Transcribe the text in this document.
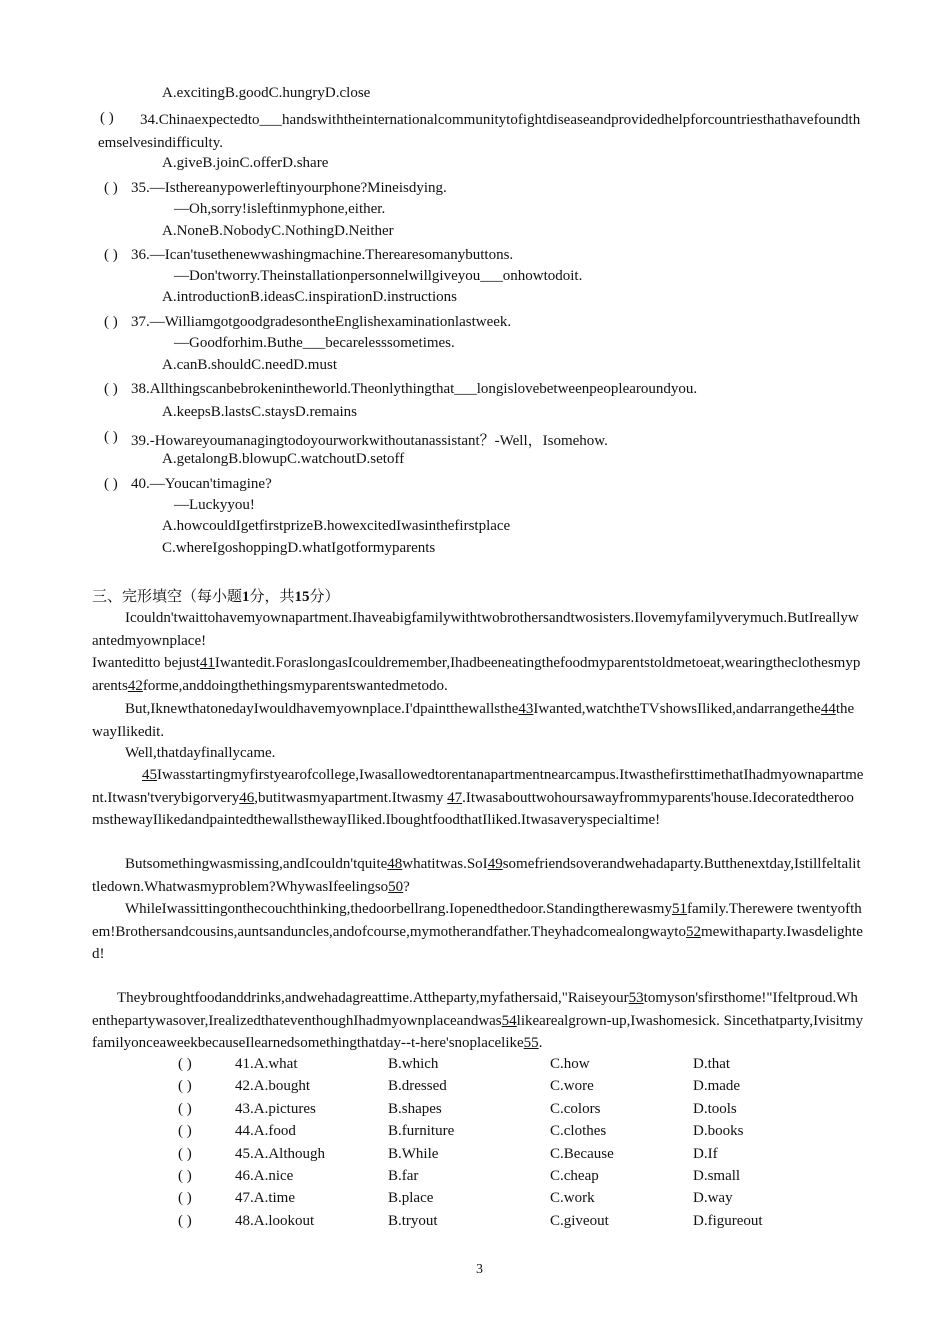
A.excitingB.goodC.hungryD.close
( )	34.Chinaexpectedto___handswiththeinternationalcommunitytofightdiseaseandprovidedhelpforcountriesthathavefoundthemselvesindifficulty.
A.giveB.joinC.offerD.share
( ) 35.—Isthereanypowerleftinyourphone?Mineisdying.
—Oh,sorry!isleftinmyphone,either.
A.NoneB.NobodyC.NothingD.Neither
( ) 36.—Ican'tusethenewwashingmachine.Therearesomanybuttons.
—Don'tworry.Theinstallationpersonnelwillgiveyou___onhowtodoit.
A.introductionB.ideasC.inspirationD.instructions
( ) 37.—WilliamgotgoodgradesontheEnglishexaminationlastweek.
—Goodforhim.Buthe___becarelesssometimes.
A.canB.shouldC.needD.must
( ) 38.Allthingscanbebrokenintheworld.Theonlythingthat___longislovebetweenpeoplearoundyou.
A.keepsB.lastsC.staysD.remains
( ) 39.-Howareyoumanagingtodoyourworkwithoutanassistant？-Well，Isomehow.
A.getalongB.blowupC.watchoutD.setoff
( ) 40.—Youcan'timagine?
—Luckyyou!
A.howcouldIgetfirstprizeB.howexcitedIwasinthefirstplace
C.whereIgoshoppingD.whatIgotformyparents
三、完形填空（每小题1分，共15分）
Icouldn'twaittohavemyownapartment.Ihaveabigfamilywithtwobrothersandtwosisters.Ilovemyfamilyverymuch.ButIreallywantedmyownplace!
Iwanteditto bejust41Iwantedit.ForaslongasIcouldremember,Ihadbeeneatingthefoodmyparentstoldmetoeat,wearingtheclothesmyparents42forme,anddoingthethingsmyparentswantedmetodo.
But,IknewthatonedayIwouldhavemyownplace.I'dpaintthewallsthe43Iwanted,watchtheTVshowsIliked,andarrangethe44thewayIlikedit.
Well,thatdayfinallycame.
45Iwasstartingmyfirstyearofcollege,Iwasallowedtorentanapartmentnearcampus.ItwasthefirsttimethatIhadmyownapartment.Itwasn'tverybigorvery46,butitwasmyapartment.Itwasmy 47.Itwasabouttwohoursawayfrommyparents'house.IdecoratedtheroomsthewayIlikedandpaintedthewallsthewayIliked.IboughtfoodthatIliked.Itwasaveryspecialtime!
Butsomethingwasmissing,andIcouldn'tquite48whatitwas.SoI49somefriendsoverandwehadaparty.Butthenextday,Istillfeltalittledown.Whatwasmyproblem?WhywasIfeelingso50?
WhileIwassittingonthecouchthinking,thedoorbellrang.Iopenedthedoor.Standingtherewasmy51family.Therewere twentyofthem!Brothersandcousins,auntsanduncles,andofcourse,mymotherandfather.Theyhadcomealongwayto52mewithaparty.Iwasdelighted!
Theybroughtfoodanddrinks,andwehadagreattime.Attheparty,myfathersaid,"Raiseyour53tomyson'sfirsthome!"Ifeltproud.Whenthepartywasover,IrealizedthateventhoughIhadmyownplaceandwas54likearealgrown-up,Iwashomesick. Sincethatparty,IvisitmyfamilyonceaweekbecauseIlearnedsomethingthatday--t-here'snoplacelike55.
( )	41.A.what	B.which	C.how	D.that
( )	42.A.bought	B.dressed	C.wore	D.made
( )	43.A.pictures	B.shapes	C.colors	D.tools
( )	44.A.food	B.furniture	C.clothes	D.books
( )	45.A.Although	B.While	C.Because	D.If
( )	46.A.nice	B.far	C.cheap	D.small
( )	47.A.time	B.place	C.work	D.way
( )	48.A.lookout	B.tryout	C.giveout	D.figureout
3
